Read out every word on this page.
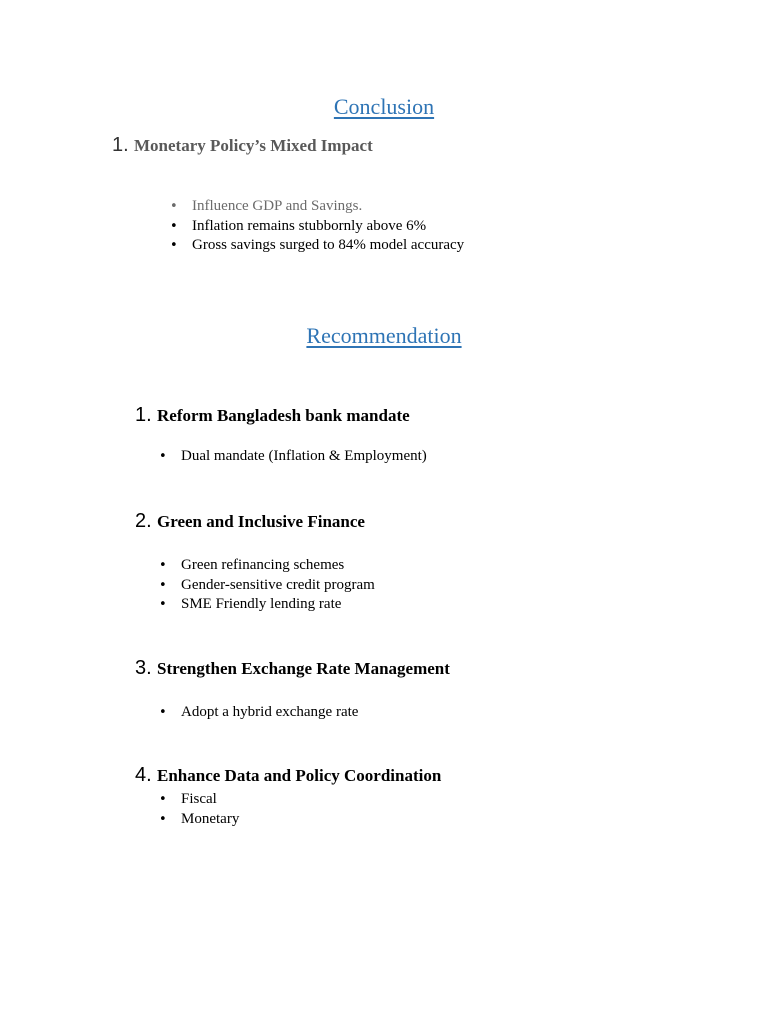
Conclusion
1. Monetary Policy’s Mixed Impact
• Influence GDP and Savings.
• Inflation remains stubbornly above 6%
• Gross savings surged to 84% model accuracy
Recommendation
1. Reform Bangladesh bank mandate
• Dual mandate (Inflation & Employment)
2. Green and Inclusive Finance
• Green refinancing schemes
• Gender-sensitive credit program
• SME Friendly lending rate
3. Strengthen Exchange Rate Management
• Adopt a hybrid exchange rate
4. Enhance Data and Policy Coordination
• Fiscal
• Monetary
